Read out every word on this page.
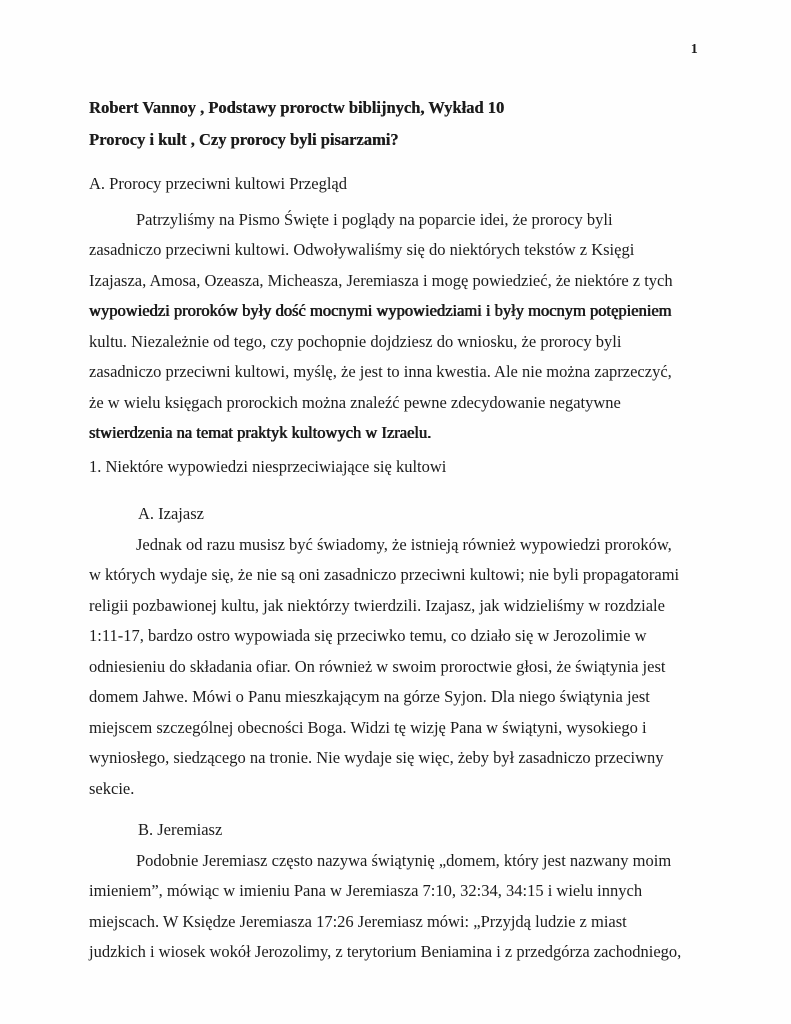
1
Robert Vannoy , Podstawy proroctw biblijnych, Wykład 10
Prorocy i kult , Czy prorocy byli pisarzami?
A. Prorocy przeciwni kultowi Przegląd
Patrzyliśmy na Pismo Święte i poglądy na poparcie idei, że prorocy byli
zasadniczo przeciwni kultowi. Odwoływaliśmy się do niektórych tekstów z Księgi
Izajasza, Amosa, Ozeasza, Micheasza, Jeremiasza i mogę powiedzieć, że niektóre z tych
wypowiedzi proroków były dość mocnymi wypowiedziami i były mocnym potępieniem
kultu. Niezależnie od tego, czy pochopnie dojdziesz do wniosku, że prorocy byli
zasadniczo przeciwni kultowi, myślę, że jest to inna kwestia. Ale nie można zaprzeczyć,
że w wielu księgach prorockich można znaleźć pewne zdecydowanie negatywne
stwierdzenia na temat praktyk kultowych w Izraelu.
1. Niektóre wypowiedzi niesprzeciwiające się kultowi
A. Izajasz
Jednak od razu musisz być świadomy, że istnieją również wypowiedzi proroków,
w których wydaje się, że nie są oni zasadniczo przeciwni kultowi; nie byli propagatorami
religii pozbawionej kultu, jak niektórzy twierdzili. Izajasz, jak widzieliśmy w rozdziale
1:11-17, bardzo ostro wypowiada się przeciwko temu, co działo się w Jerozolimie w
odniesieniu do składania ofiar. On również w swoim proroctwie głosi, że świątynia jest
domem Jahwe. Mówi o Panu mieszkającym na górze Syjon. Dla niego świątynia jest
miejscem szczególnej obecności Boga. Widzi tę wizję Pana w świątyni, wysokiego i
wyniosłego, siedzącego na tronie. Nie wydaje się więc, żeby był zasadniczo przeciwny
sekcie.
B. Jeremiasz
Podobnie Jeremiasz często nazywa świątynię „domem, który jest nazwany moim
imieniem”, mówiąc w imieniu Pana w Jeremiasza 7:10, 32:34, 34:15 i wielu innych
miejscach. W Księdze Jeremiasza 17:26 Jeremiasz mówi: „Przyjdą ludzie z miast
judzkich i wiosek wokół Jerozolimy, z terytorium Beniamina i z przedgórza zachodniego,
